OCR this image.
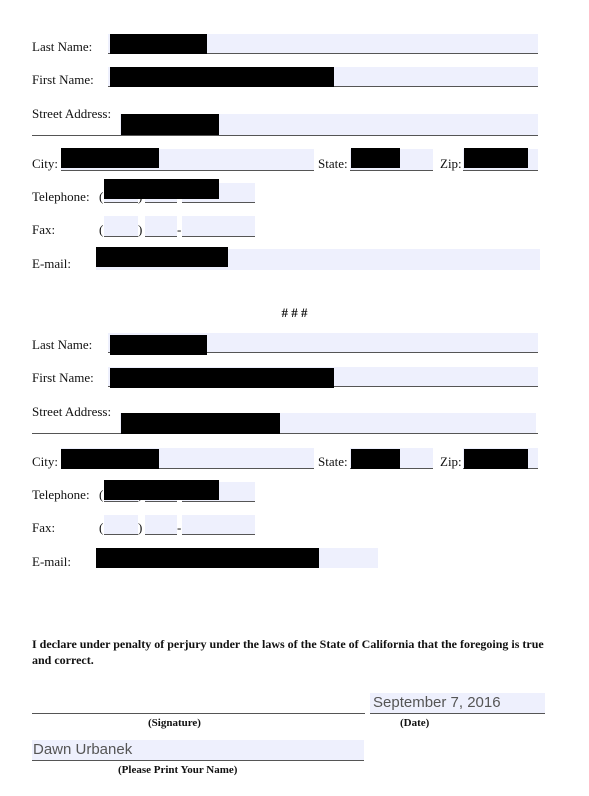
Last Name:
First Name:
Street Address:
City:	State:	Zip:
Telephone: (
Fax:	(	)	-
E-mail:
# # #
Last Name:
First Name:
Street Address:
City:	State:	Zip:
Telephone: (
Fax:	(	)	-
E-mail:
I declare under penalty of perjury under the laws of the State of California that the foregoing is true and correct.
(Signature)
September 7, 2016
(Date)
Dawn Urbanek
(Please Print Your Name)
